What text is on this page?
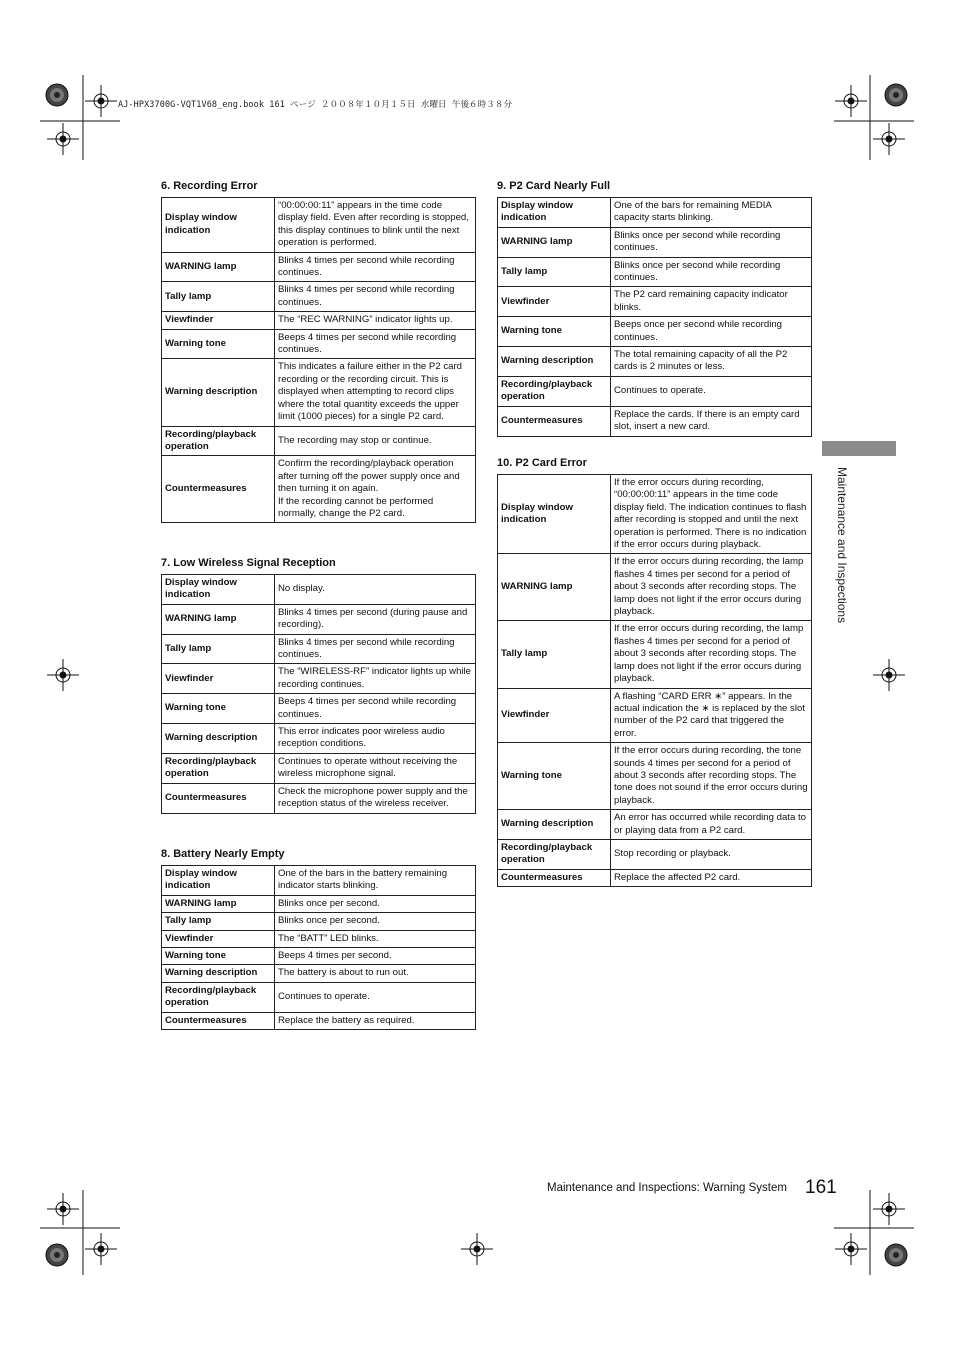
AJ-HPX3700G-VQT1V68_eng.book 161 ページ ２００８年１０月１５日 水曜日 午後６時３８分
6. Recording Error
Display window indication	“00:00:00:11” appears in the time code display field. Even after recording is stopped, this display continues to blink until the next operation is performed.
WARNING lamp	Blinks 4 times per second while recording continues.
Tally lamp	Blinks 4 times per second while recording continues.
Viewfinder	The “REC WARNING” indicator lights up.
Warning tone	Beeps 4 times per second while recording continues.
Warning description	This indicates a failure either in the P2 card recording or the recording circuit. This is displayed when attempting to record clips where the total quantity exceeds the upper limit (1000 pieces) for a single P2 card.
Recording/playback operation	The recording may stop or continue.
Countermeasures	Confirm the recording/playback operation after turning off the power supply once and then turning it on again.
If the recording cannot be performed normally, change the P2 card.
7. Low Wireless Signal Reception
Display window indication	No display.
WARNING lamp	Blinks 4 times per second (during pause and recording).
Tally lamp	Blinks 4 times per second while recording continues.
Viewfinder	The “WIRELESS-RF” indicator lights up while recording continues.
Warning tone	Beeps 4 times per second while recording continues.
Warning description	This error indicates poor wireless audio reception conditions.
Recording/playback operation	Continues to operate without receiving the wireless microphone signal.
Countermeasures	Check the microphone power supply and the reception status of the wireless receiver.
8. Battery Nearly Empty
Display window indication	One of the bars in the battery remaining indicator starts blinking.
WARNING lamp	Blinks once per second.
Tally lamp	Blinks once per second.
Viewfinder	The “BATT” LED blinks.
Warning tone	Beeps 4 times per second.
Warning description	The battery is about to run out.
Recording/playback operation	Continues to operate.
Countermeasures	Replace the battery as required.
9. P2 Card Nearly Full
Display window indication	One of the bars for remaining MEDIA capacity starts blinking.
WARNING lamp	Blinks once per second while recording continues.
Tally lamp	Blinks once per second while recording continues.
Viewfinder	The P2 card remaining capacity indicator blinks.
Warning tone	Beeps once per second while recording continues.
Warning description	The total remaining capacity of all the P2 cards is 2 minutes or less.
Recording/playback operation	Continues to operate.
Countermeasures	Replace the cards. If there is an empty card slot, insert a new card.
10. P2 Card Error
Display window indication	If the error occurs during recording, “00:00:00:11” appears in the time code display field. The indication continues to flash after recording is stopped and until the next operation is performed. There is no indication if the error occurs during playback.
WARNING lamp	If the error occurs during recording, the lamp flashes 4 times per second for a period of about 3 seconds after recording stops. The lamp does not light if the error occurs during playback.
Tally lamp	If the error occurs during recording, the lamp flashes 4 times per second for a period of about 3 seconds after recording stops. The lamp does not light if the error occurs during playback.
Viewfinder	A flashing “CARD ERR ∗” appears. In the actual indication the ∗ is replaced by the slot number of the P2 card that triggered the error.
Warning tone	If the error occurs during recording, the tone sounds 4 times per second for a period of about 3 seconds after recording stops. The tone does not sound if the error occurs during playback.
Warning description	An error has occurred while recording data to or playing data from a P2 card.
Recording/playback operation	Stop recording or playback.
Countermeasures	Replace the affected P2 card.
Maintenance and Inspections
Maintenance and Inspections: Warning System 161
